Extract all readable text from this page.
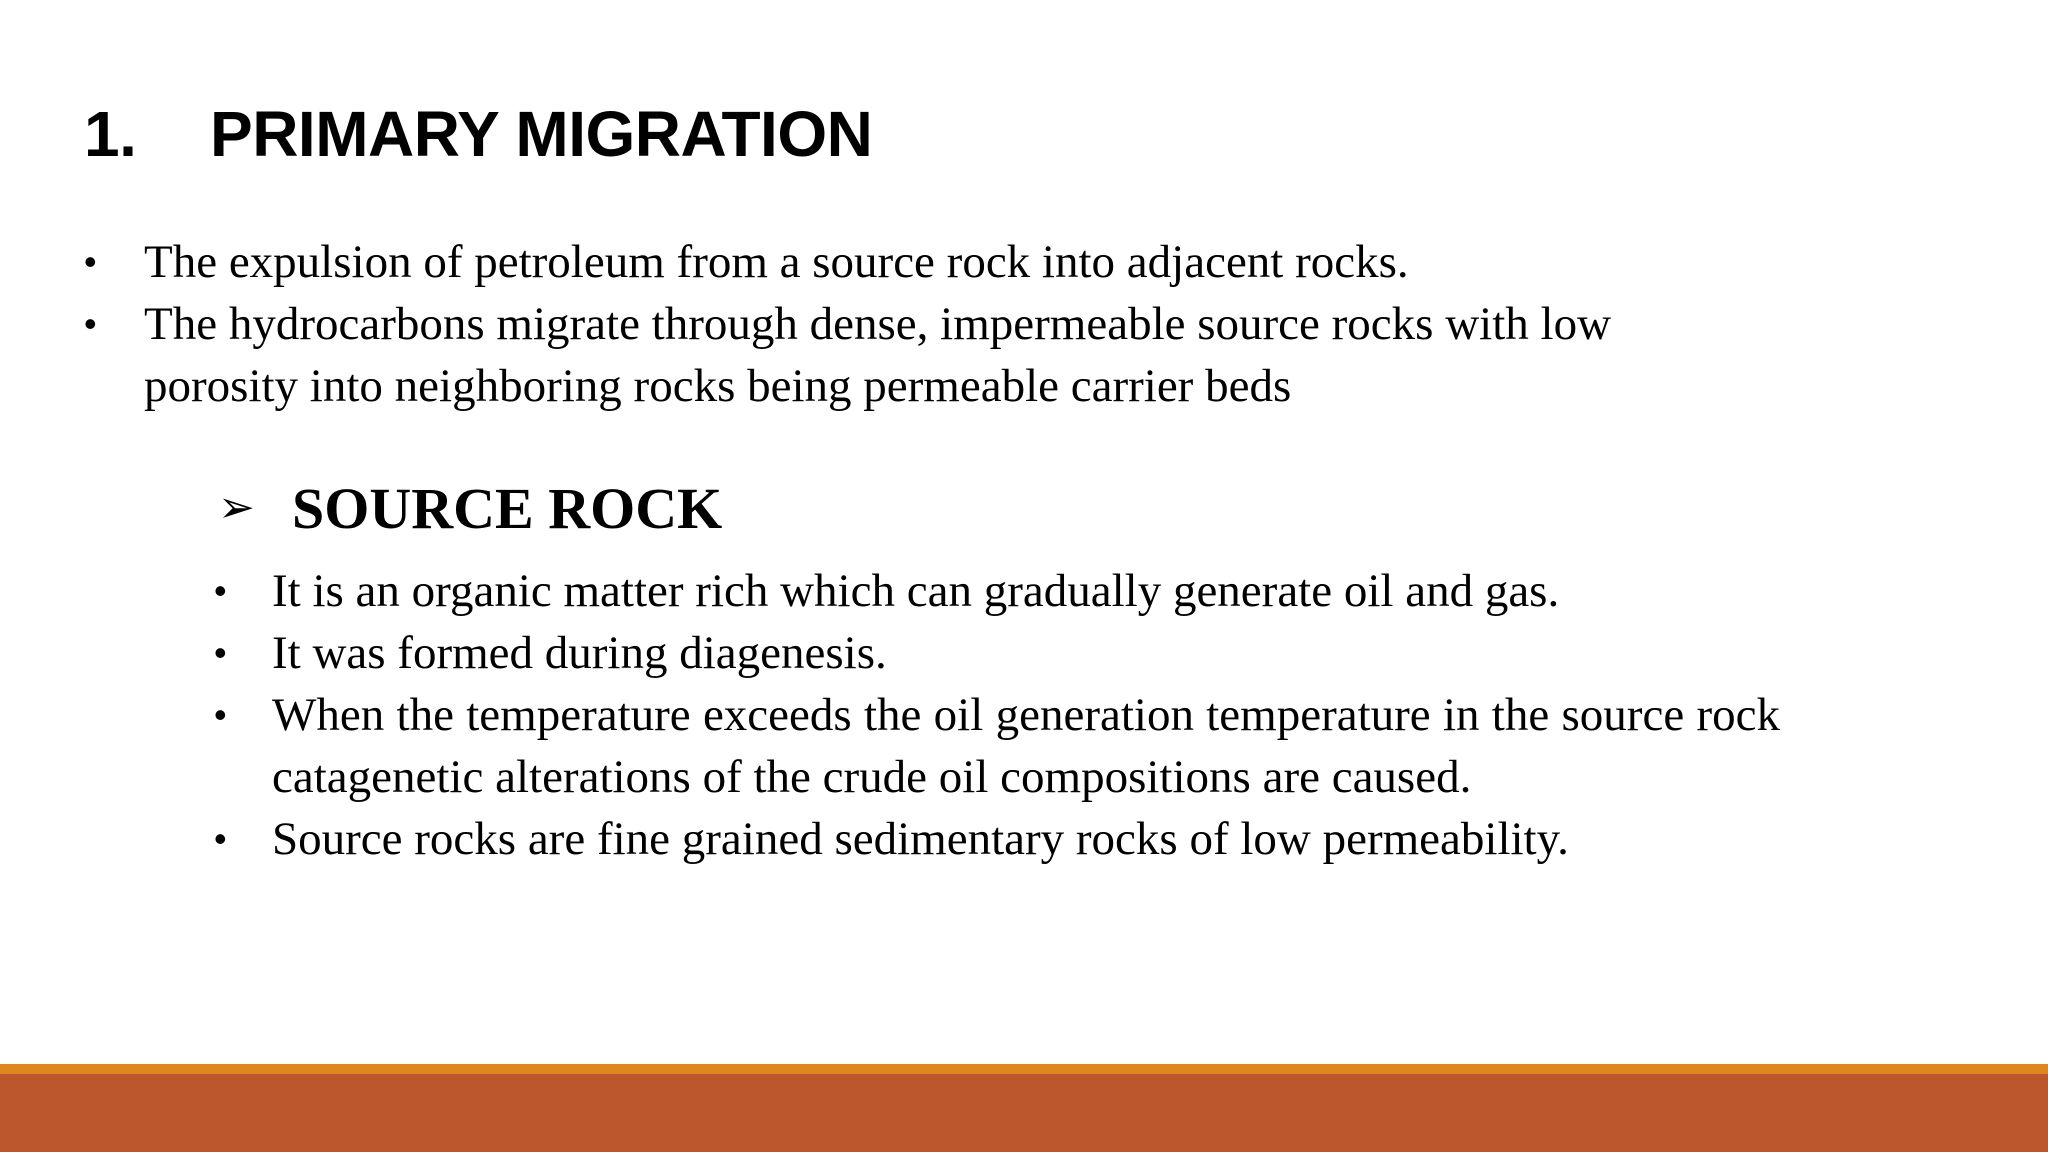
1. PRIMARY MIGRATION
• The expulsion of petroleum from a source rock into adjacent rocks.
• The hydrocarbons migrate through dense, impermeable source rocks with low porosity into neighboring rocks being permeable carrier beds
➢ SOURCE ROCK
• It is an organic matter rich which can gradually generate oil and gas.
• It was formed during diagenesis.
• When the temperature exceeds the oil generation temperature in the source rock catagenetic alterations of the crude oil compositions are caused.
• Source rocks are fine grained sedimentary rocks of low permeability.
